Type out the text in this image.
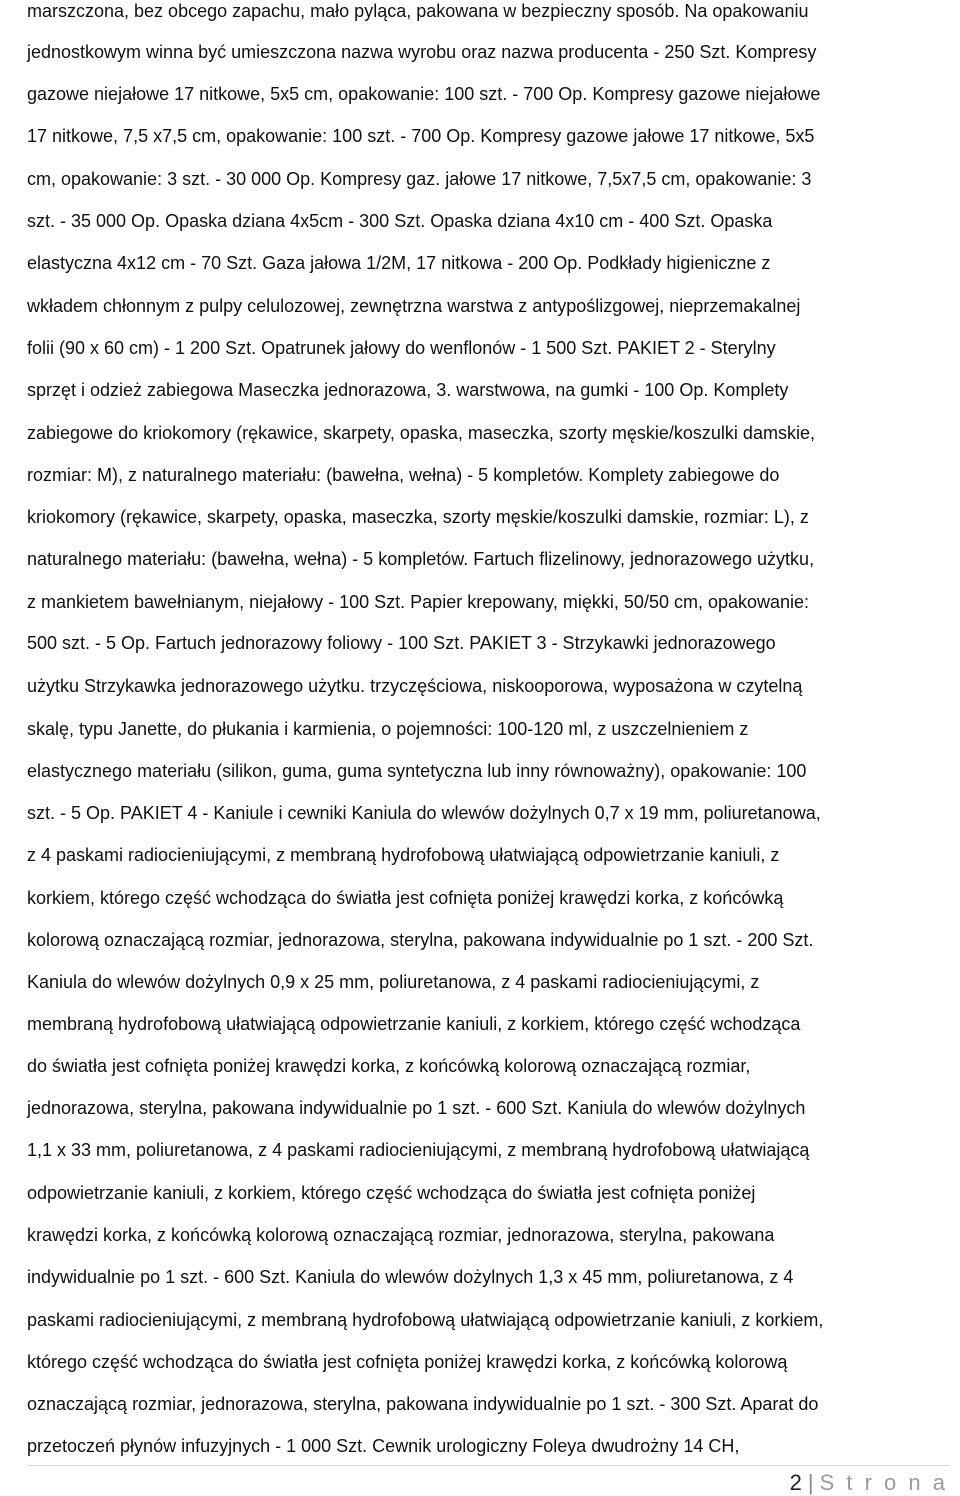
marszczona, bez obcego zapachu, mało pyląca, pakowana w bezpieczny sposób. Na opakowaniu
jednostkowym winna być umieszczona nazwa wyrobu oraz nazwa producenta - 250 Szt. Kompresy
gazowe niejałowe 17 nitkowe, 5x5 cm, opakowanie: 100 szt. - 700 Op. Kompresy gazowe niejałowe
17 nitkowe, 7,5 x7,5 cm, opakowanie: 100 szt. - 700 Op. Kompresy gazowe jałowe 17 nitkowe, 5x5
cm, opakowanie: 3 szt. - 30 000 Op. Kompresy gaz. jałowe 17 nitkowe, 7,5x7,5 cm, opakowanie: 3
szt. - 35 000 Op. Opaska dziana 4x5cm - 300 Szt. Opaska dziana 4x10 cm - 400 Szt. Opaska
elastyczna 4x12 cm - 70 Szt. Gaza jałowa 1/2M, 17 nitkowa - 200 Op. Podkłady higieniczne z
wkładem chłonnym z pulpy celulozowej, zewnętrzna warstwa z antypoślizgowej, nieprzemakalnej
folii (90 x 60 cm) - 1 200 Szt. Opatrunek jałowy do wenflonów - 1 500 Szt. PAKIET 2 - Sterylny
sprzęt i odzież zabiegowa Maseczka jednorazowa, 3. warstwowa, na gumki - 100 Op. Komplety
zabiegowe do kriokomory (rękawice, skarpety, opaska, maseczka, szorty męskie/koszulki damskie,
rozmiar: M), z naturalnego materiału: (bawełna, wełna) - 5 kompletów. Komplety zabiegowe do
kriokomory (rękawice, skarpety, opaska, maseczka, szorty męskie/koszulki damskie, rozmiar: L), z
naturalnego materiału: (bawełna, wełna) - 5 kompletów. Fartuch flizelinowy, jednorazowego użytku,
z mankietem bawełnianym, niejałowy - 100 Szt. Papier krepowany, miękki, 50/50 cm, opakowanie:
500 szt. - 5 Op. Fartuch jednorazowy foliowy - 100 Szt. PAKIET 3 - Strzykawki jednorazowego
użytku Strzykawka jednorazowego użytku. trzyczęściowa, niskooporowa, wyposażona w czytelną
skalę, typu Janette, do płukania i karmienia, o pojemności: 100-120 ml, z uszczelnieniem z
elastycznego materiału (silikon, guma, guma syntetyczna lub inny równoważny), opakowanie: 100
szt. - 5 Op. PAKIET 4 - Kaniule i cewniki Kaniula do wlewów dożylnych 0,7 x 19 mm, poliuretanowa,
z 4 paskami radiocieniującymi, z membraną hydrofobową ułatwiającą odpowietrzanie kaniuli, z
korkiem, którego część wchodząca do światła jest cofnięta poniżej krawędzi korka, z końcówką
kolorową oznaczającą rozmiar, jednorazowa, sterylna, pakowana indywidualnie po 1 szt. - 200 Szt.
Kaniula do wlewów dożylnych 0,9 x 25 mm, poliuretanowa, z 4 paskami radiocieniującymi, z
membraną hydrofobową ułatwiającą odpowietrzanie kaniuli, z korkiem, którego część wchodząca
do światła jest cofnięta poniżej krawędzi korka, z końcówką kolorową oznaczającą rozmiar,
jednorazowa, sterylna, pakowana indywidualnie po 1 szt. - 600 Szt. Kaniula do wlewów dożylnych
1,1 x 33 mm, poliuretanowa, z 4 paskami radiocieniującymi, z membraną hydrofobową ułatwiającą
odpowietrzanie kaniuli, z korkiem, którego część wchodząca do światła jest cofnięta poniżej
krawędzi korka, z końcówką kolorową oznaczającą rozmiar, jednorazowa, sterylna, pakowana
indywidualnie po 1 szt. - 600 Szt. Kaniula do wlewów dożylnych 1,3 x 45 mm, poliuretanowa, z 4
paskami radiocieniującymi, z membraną hydrofobową ułatwiającą odpowietrzanie kaniuli, z korkiem,
którego część wchodząca do światła jest cofnięta poniżej krawędzi korka, z końcówką kolorową
oznaczającą rozmiar, jednorazowa, sterylna, pakowana indywidualnie po 1 szt. - 300 Szt. Aparat do
przetoczeń płynów infuzyjnych - 1 000 Szt. Cewnik urologiczny Foleya dwudrożny 14 CH,
2 | S t r o n a
